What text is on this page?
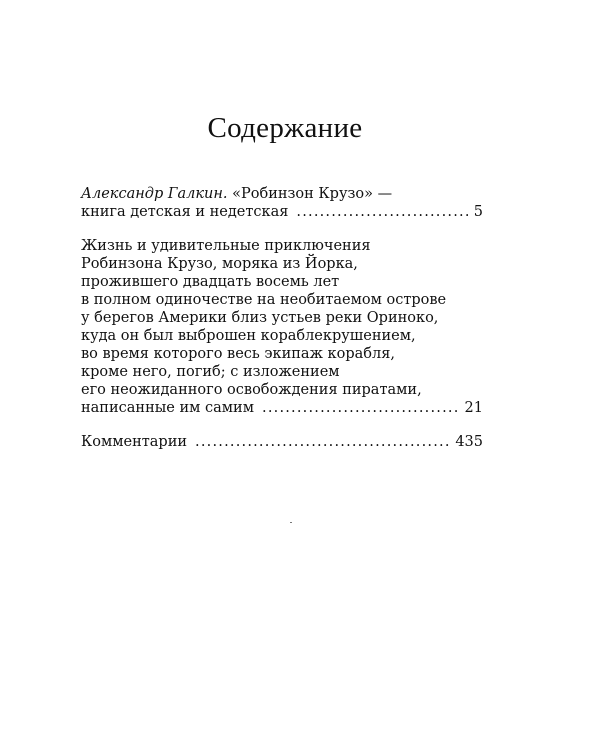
Содержание
Александр Галкин. «Робинзон Крузо» —
книга детская и недетская .....	5
Жизнь и удивительные приключения
Робинзона Крузо, моряка из Йорка,
прожившего двадцать восемь лет
в полном одиночестве на необитаемом острове
у берегов Америки близ устьев реки Ориноко,
куда он был выброшен кораблекрушением,
во время которого весь экипаж корабля,
кроме него, погиб; с изложением
его неожиданного освобождения пиратами,
написанные им самим .....	21
Комментарии .....	435
